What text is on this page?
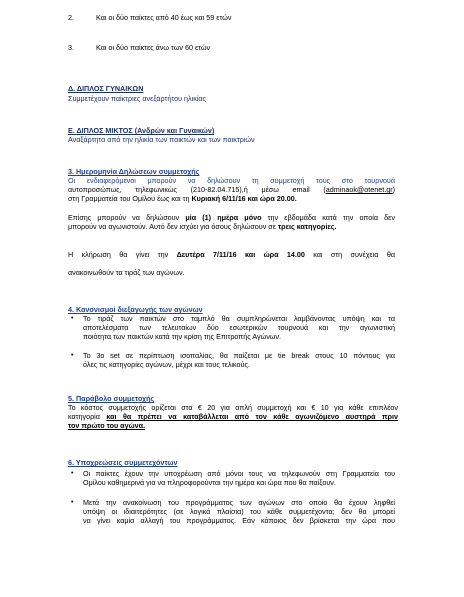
2.	Και οι δύο παίκτες από 40 έως και 59 ετών
3.	Και οι δύο παίκτες άνω των 60 ετών
Δ. ΔΙΠΛΟΣ ΓΥΝΑΙΚΩΝ
Συμμετέχουν παίκτριες ανεξαρτήτου ηλικίας
Ε. ΔΙΠΛΟΣ ΜΙΚΤΟΣ (Ανδρών και Γυναικών)
Αναξάρτητα από την ηλικία των παικτών και των παικτριών
3. Ημερομηνία Δηλώσεων συμμετοχής
Οι ενδιαφερόμενοι μπορούν να δηλώσουν τη συμμετοχή τους στο τουρνουά
αυτοπροσώπως, τηλεφωνικώς (210-82.04.715),ή μέσω email (adminaok@otenet.gr)
στη Γραμματεία του Ομίλου έως και τη Κυριακή 6/11/16 και ώρα 20.00.
Επίσης μπορούν να δηλώσουν μία (1) ημέρα μόνο την εβδομάδα κατά την οποία δεν
μπορούν να αγωνιστούν. Αυτό δεν ισχύει για όσους δηλώσουν σε τρεις κατηγορίες.
Η κλήρωση θα γίνει την Δευτέρα 7/11/16 και ώρα 14.00 και στη συνέχεια θα
ανακοινωθούν τα τιράζ των αγώνων.
4. Κανονισμοί διεξαγωγής των αγώνων
• Το τιράζ των παικτών στο ταμπλό θα συμπληρώνεται λαμβάνοντας υπόψη και τα
αποτελέσματα των τελευταίων δύο εσωτερικών τουρνουά και την αγωνιστική
ποιότητα των παικτών κατά την κρίση της Επιτροπής Αγώνων.
• Το 3ο set σε περίπτωση ισοπαλίας, θα παίζεται με tie break στους 10 πόντους για
όλες τις κατηγορίες αγώνων, μέχρι και τους τελικούς.
5. Παράβολο συμμετοχής
Το κόστος συμμετοχής ορίζεται στα € 20 για απλή συμμετοχή και € 10 για κάθε επιπλέον
κατηγορία και θα πρέπει να καταβάλλεται από τον κάθε αγωνιζόμενο αυστηρά πριν
τον πρώτο του αγώνα.
6. Υποχρεώσεις συμμετεχόντων
• Οι παίκτες έχουν την υποχρέωση από μόνοι τους να τηλεφωνούν στη Γραμματεία του
Ομίλου καθημερινά για να πληροφορούνται την ημέρα και ώρα που θα παίξουν.
• Μετά την ανακοίνωση του προγράμματος των αγώνων στο οποίο θα έχουν ληφθεί
υπόψη οι ιδιαιτερότητες (σε λογικά πλαίσια) του κάθε συμμετέχοντα; δεν θα μπορεί
να γίνει καμία αλλαγή του προγράμματος. Εάν κάποιος δεν βρίσκεται την ώρα που
